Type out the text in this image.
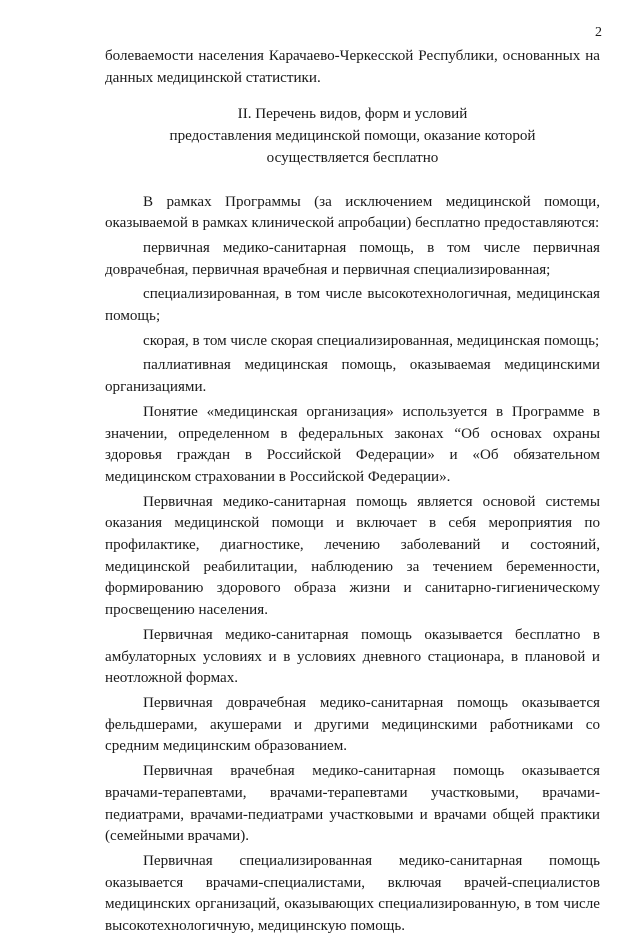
2

болеваемости населения Карачаево-Черкесской Республики, основанных на данных медицинской статистики.

II. Перечень видов, форм и условий
предоставления медицинской помощи, оказание которой
осуществляется бесплатно

В рамках Программы (за исключением медицинской помощи, оказываемой в рамках клинической апробации) бесплатно предоставляются:

первичная медико-санитарная помощь, в том числе первичная доврачебная, первичная врачебная и первичная специализированная;

специализированная, в том числе высокотехнологичная, медицинская помощь;

скорая, в том числе скорая специализированная, медицинская помощь;

паллиативная медицинская помощь, оказываемая медицинскими организациями.

Понятие «медицинская организация» используется в Программе в значении, определенном в федеральных законах “Об основах охраны здоровья граждан в Российской Федерации» и «Об обязательном медицинском страховании в Российской Федерации».

Первичная медико-санитарная помощь является основой системы оказания медицинской помощи и включает в себя мероприятия по профилактике, диагностике, лечению заболеваний и состояний, медицинской реабилитации, наблюдению за течением беременности, формированию здорового образа жизни и санитарно-гигиеническому просвещению населения.

Первичная медико-санитарная помощь оказывается бесплатно в амбулаторных условиях и в условиях дневного стационара, в плановой и неотложной формах.

Первичная доврачебная медико-санитарная помощь оказывается фельдшерами, акушерами и другими медицинскими работниками со средним медицинским образованием.

Первичная врачебная медико-санитарная помощь оказывается врачами-терапевтами, врачами-терапевтами участковыми, врачами-педиатрами, врачами-педиатрами участковыми и врачами общей практики (семейными врачами).

Первичная специализированная медико-санитарная помощь оказывается врачами-специалистами, включая врачей-специалистов медицинских организаций, оказывающих специализированную, в том числе высокотехнологичную, медицинскую помощь.
